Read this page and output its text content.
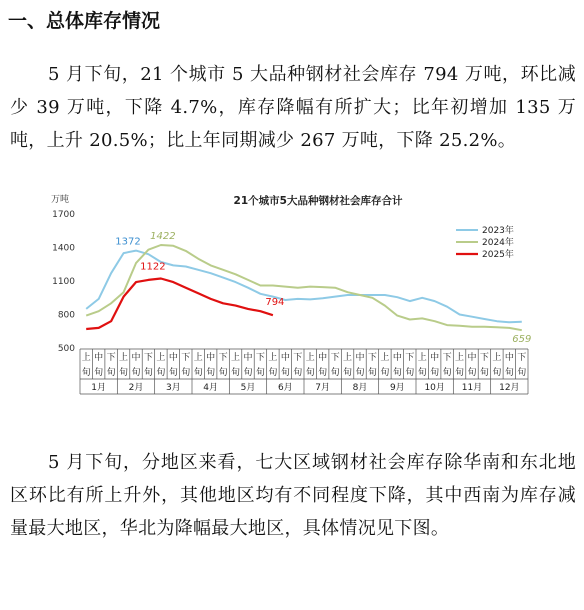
一、总体库存情况
5 月下旬，21 个城市 5 大品种钢材社会库存 794 万吨，环比减少 39 万吨，下降 4.7%，库存降幅有所扩大；比年初增加 135 万吨，上升 20.5%；比上年同期减少 267 万吨，下降 25.2%。
21个城市5大品种钢材社会库存合计
万吨
500
800
1100
1400
1700
上
旬
中
旬
下
旬
上
旬
中
旬
下
旬
上
旬
中
旬
下
旬
上
旬
中
旬
下
旬
上
旬
中
旬
下
旬
上
旬
中
旬
下
旬
上
旬
中
旬
下
旬
上
旬
中
旬
下
旬
上
旬
中
旬
下
旬
上
旬
中
旬
下
旬
上
旬
中
旬
下
旬
上
旬
中
旬
下
旬
1月	2月	3月	4月	5月	6月	7月	8月	9月 10月 11月 12月
1372
1422
1122
794
659
2023年
2024年
2025年
5 月下旬，分地区来看，七大区域钢材社会库存除华南和东北地区环比有所上升外，其他地区均有不同程度下降，其中西南为库存减量最大地区，华北为降幅最大地区，具体情况见下图。
